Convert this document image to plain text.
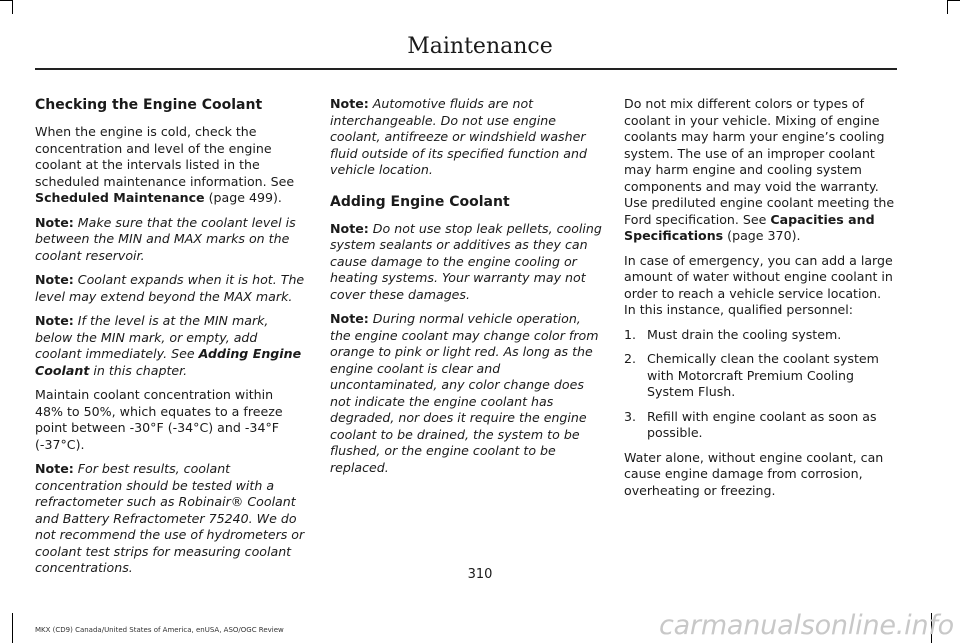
Maintenance
Checking the Engine Coolant

When the engine is cold, check the concentration and level of the engine coolant at the intervals listed in the scheduled maintenance information. See Scheduled Maintenance (page 499).

Note: Make sure that the coolant level is between the MIN and MAX marks on the coolant reservoir.

Note: Coolant expands when it is hot. The level may extend beyond the MAX mark.

Note: If the level is at the MIN mark, below the MIN mark, or empty, add coolant immediately. See Adding Engine Coolant in this chapter.

Maintain coolant concentration within 48% to 50%, which equates to a freeze point between -30°F (-34°C) and -34°F (-37°C).

Note: For best results, coolant concentration should be tested with a refractometer such as Robinair® Coolant and Battery Refractometer 75240. We do not recommend the use of hydrometers or coolant test strips for measuring coolant concentrations.

Note: Automotive fluids are not interchangeable. Do not use engine coolant, antifreeze or windshield washer fluid outside of its specified function and vehicle location.

Adding Engine Coolant

Note: Do not use stop leak pellets, cooling system sealants or additives as they can cause damage to the engine cooling or heating systems. Your warranty may not cover these damages.

Note: During normal vehicle operation, the engine coolant may change color from orange to pink or light red. As long as the engine coolant is clear and uncontaminated, any color change does not indicate the engine coolant has degraded, nor does it require the engine coolant to be drained, the system to be flushed, or the engine coolant to be replaced.

Do not mix different colors or types of coolant in your vehicle. Mixing of engine coolants may harm your engine’s cooling system. The use of an improper coolant may harm engine and cooling system components and may void the warranty. Use prediluted engine coolant meeting the Ford specification. See Capacities and Specifications (page 370).

In case of emergency, you can add a large amount of water without engine coolant in order to reach a vehicle service location. In this instance, qualified personnel:

1. Must drain the cooling system.
2. Chemically clean the coolant system with Motorcraft Premium Cooling System Flush.
3. Refill with engine coolant as soon as possible.

Water alone, without engine coolant, can cause engine damage from corrosion, overheating or freezing.

310
MKX (CD9) Canada/United States of America, enUSA, ASO/OGC Review	carmanualsonline.info
